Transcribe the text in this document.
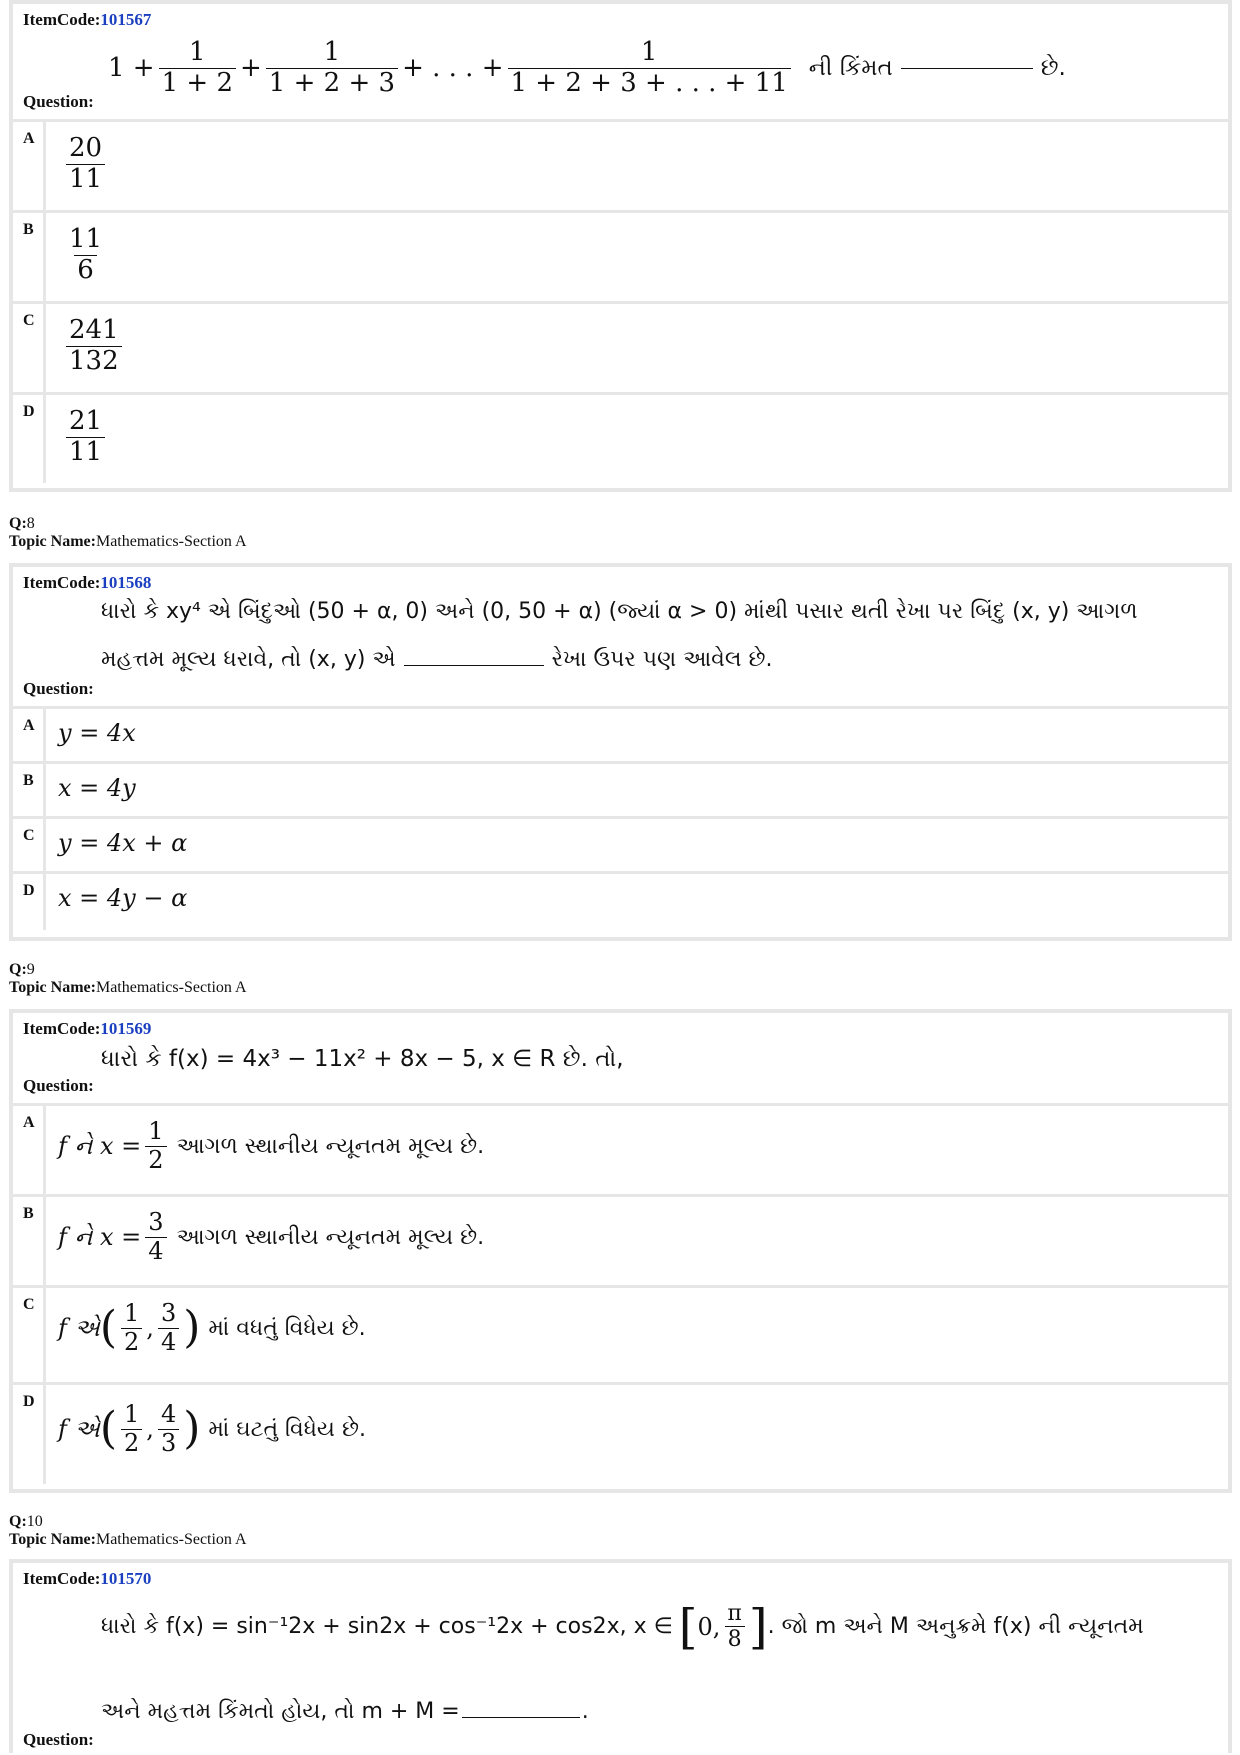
ItemCode:101567
$1 + \frac{1}{1 + 2} + \frac{1}{1 + 2 + 3}$ + . . . + $\frac{1}{1 + 2 + 3 + . . . + 11}$ ની કિંમત	છે.
Question:
A $\frac{20}{11}$
B $\frac{11}{6}$
C $\frac{241}{132}$
D $\frac{21}{11}$
Q:8
Topic Name:Mathematics-Section A
ItemCode:101568
ધારો કે xy⁴ એ બિંદુઓ (50 + α, 0) અને (0, 50 + α) (જ્યાં α > 0) માંથી પસાર થતી રેખા પર બિંદુ (x, y) આગળ
મહત્તમ મૂલ્ય ધરાવે, તો (x, y) એ	રેખા ઉપર પણ આવેલ છે.
Question:
A y = 4x
B x = 4y
C y = 4x + α
D x = 4y − α
Q:9
Topic Name:Mathematics-Section A
ItemCode:101569
ધારો કે f(x) = 4x³ − 11x² + 8x − 5, x ∈ R છે. તો,
Question:
A
f ને $x = \frac{1}{2}$ આગળ સ્થાનીય ન્યૂનતમ મૂલ્ય છે.
B
f ને $x = \frac{3}{4}$ આગળ સ્થાનીય ન્યૂનતમ મૂલ્ય છે.
C
f એ ( $\frac{1}{2}$ , $\frac{3}{4}$ ) માં વધતું વિધેય છે.
D
f એ ( $\frac{1}{2}$ , $\frac{4}{3}$ ) માં ઘટતું વિધેય છે.
Q:10
Topic Name:Mathematics-Section A
ItemCode:101570
ધારો કે f(x) = sin⁻¹2x + sin2x + cos⁻¹2x + cos2x, x ∈ [ 0, $\frac{\pi}{8}$ ] . જો m અને M અનુક્રમે f(x) ની ન્યૂનતમ
અને મહત્તમ કિંમતો હોય, તો m + M =	.
Question:
